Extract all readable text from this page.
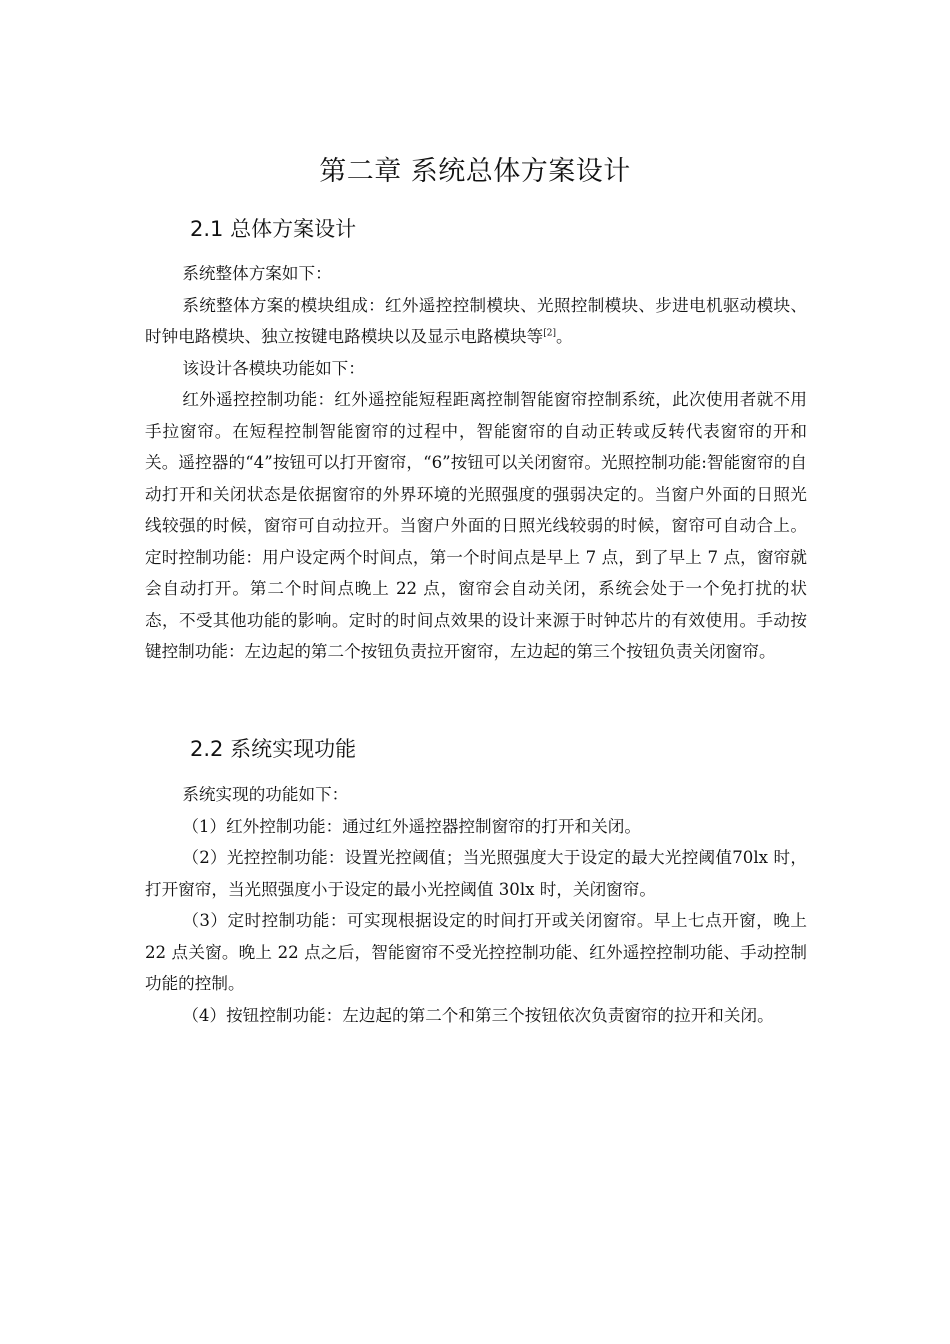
第二章 系统总体方案设计
2.1 总体方案设计

系统整体方案如下：

系统整体方案的模块组成：红外遥控控制模块、光照控制模块、步进电机驱动模块、时钟电路模块、独立按键电路模块以及显示电路模块等[2]。

该设计各模块功能如下：

红外遥控控制功能：红外遥控能短程距离控制智能窗帘控制系统，此次使用者就不用手拉窗帘。在短程控制智能窗帘的过程中，智能窗帘的自动正转或反转代表窗帘的开和关。遥控器的“4”按钮可以打开窗帘，“6”按钮可以关闭窗帘。光照控制功能:智能窗帘的自动打开和关闭状态是依据窗帘的外界环境的光照强度的强弱决定的。当窗户外面的日照光线较强的时候，窗帘可自动拉开。当窗户外面的日照光线较弱的时候，窗帘可自动合上。定时控制功能：用户设定两个时间点，第一个时间点是早上 7 点，到了早上 7 点，窗帘就会自动打开。第二个时间点晚上 22 点，窗帘会自动关闭，系统会处于一个免打扰的状态，不受其他功能的影响。定时的时间点效果的设计来源于时钟芯片的有效使用。手动按键控制功能：左边起的第二个按钮负责拉开窗帘，左边起的第三个按钮负责关闭窗帘。

2.2 系统实现功能

系统实现的功能如下：

（1）红外控制功能：通过红外遥控器控制窗帘的打开和关闭。

（2）光控控制功能：设置光控阈值；当光照强度大于设定的最大光控阈值70lx 时，打开窗帘，当光照强度小于设定的最小光控阈值 30lx 时，关闭窗帘。

（3）定时控制功能：可实现根据设定的时间打开或关闭窗帘。早上七点开窗，晚上 22 点关窗。晚上 22 点之后，智能窗帘不受光控控制功能、红外遥控控制功能、手动控制功能的控制。

（4）按钮控制功能：左边起的第二个和第三个按钮依次负责窗帘的拉开和关闭。
